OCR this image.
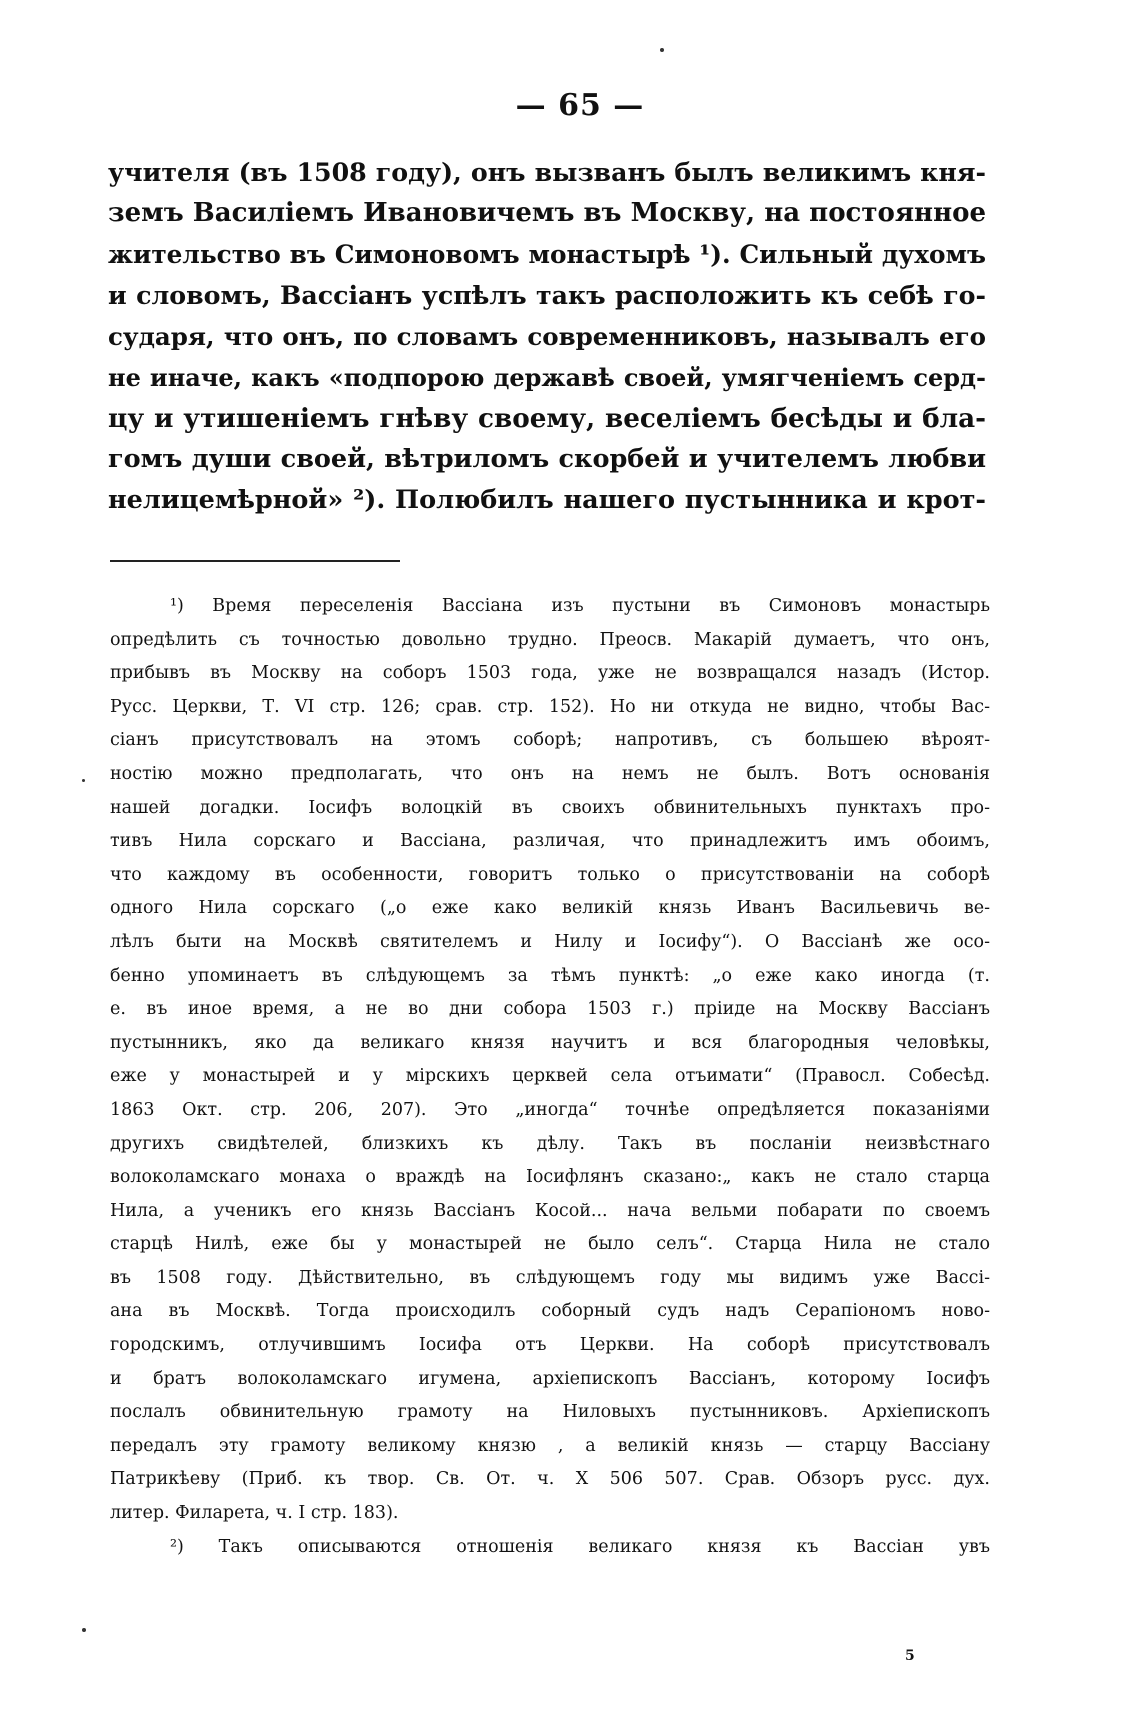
— 65 —
учителя (въ 1508 году), онъ вызванъ былъ великимъ кня-
земъ Василіемъ Ивановичемъ въ Москву, на постоянное
жительство въ Симоновомъ монастырѣ ¹). Сильный духомъ
и словомъ, Вассіанъ успѣлъ такъ расположить къ себѣ го-
сударя, что онъ, по словамъ современниковъ, называлъ его
не иначе, какъ «подпорою державѣ своей, умягченіемъ серд-
цу и утишеніемъ гнѣву своему, веселіемъ бесѣды и бла-
гомъ души своей, вѣтриломъ скорбей и учителемъ любви
нелицемѣрной» ²). Полюбилъ нашего пустынника и крот-
¹) Время переселенія Вассіана изъ пустыни въ Симоновъ монастырь
опредѣлить съ точностью довольно трудно. Преосв. Макарій думаетъ, что онъ,
прибывъ въ Москву на соборъ 1503 года, уже не возвращался назадъ (Истор.
Русс. Церкви, Т. VI стр. 126; срав. стр. 152). Но ни откуда не видно, чтобы Вас-
сіанъ присутствовалъ на этомъ соборѣ; напротивъ, съ большею вѣроят-
ностію можно предполагать, что онъ на немъ не былъ. Вотъ основанія
нашей догадки. Іосифъ волоцкій въ своихъ обвинительныхъ пунктахъ про-
тивъ Нила сорскаго и Вассіана, различая, что принадлежитъ имъ обоимъ,
что каждому въ особенности, говоритъ только о присутствованіи на соборѣ
одного Нила сорскаго („о еже како великій князь Иванъ Васильевичь ве-
лѣлъ быти на Москвѣ святителемъ и Нилу и Іосифу“). О Вассіанѣ же осо-
бенно упоминаетъ въ слѣдующемъ за тѣмъ пунктѣ: „о еже како иногда (т.
е. въ иное время, а не во дни собора 1503 г.) пріиде на Москву Вассіанъ
пустынникъ, яко да великаго князя научитъ и вся благородныя человѣкы,
еже у монастырей и у мірскихъ церквей села отъимати“ (Правосл. Собесѣд.
1863 Окт. стр. 206, 207). Это „иногда“ точнѣе опредѣляется показаніями
другихъ свидѣтелей, близкихъ къ дѣлу. Такъ въ посланіи неизвѣстнаго
волоколамскаго монаха о враждѣ на Іосифлянъ сказано:„ какъ не стало старца
Нила, а ученикъ его князь Вассіанъ Косой... нача вельми побарати по своемъ
старцѣ Нилѣ, еже бы у монастырей не было селъ“. Старца Нила не стало
въ 1508 году. Дѣйствительно, въ слѣдующемъ году мы видимъ уже Вассі-
ана въ Москвѣ. Тогда происходилъ соборный судъ надъ Серапіономъ ново-
городскимъ, отлучившимъ Іосифа отъ Церкви. На соборѣ присутствовалъ
и братъ волоколамскаго игумена, архіепископъ Вассіанъ, которому Іосифъ
послалъ обвинительную грамоту на Ниловыхъ пустынниковъ. Архіепископъ
передалъ эту грамоту великому князю , а великій князь — старцу Вассіану
Патрикѣеву (Приб. къ твор. Св. От. ч. X 506 507. Срав. Обзоръ русс. дух.
литер. Филарета, ч. I стр. 183).
²) Такъ описываются отношенія великаго князя къ Вассіан увъ
5
